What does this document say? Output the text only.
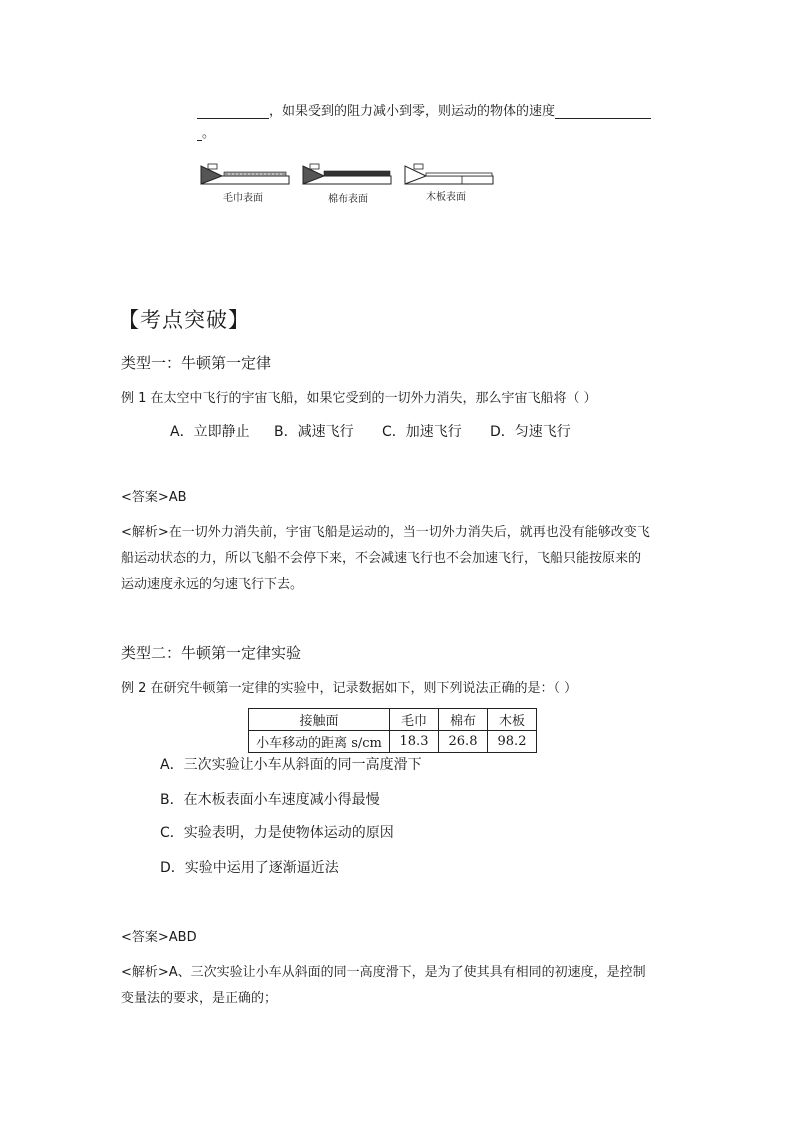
，如果受到的阻力减小到零，则运动的物体的速度
。
毛巾表面	棉布表面	木板表面
【考点突破】
类型一：牛顿第一定律
例 1 在太空中飞行的宇宙飞船，如果它受到的一切外力消失，那么宇宙飞船将（ ）
A．立即静止 B．减速飞行 C．加速飞行 D．匀速飞行
<答案>AB
<解析>在一切外力消失前，宇宙飞船是运动的，当一切外力消失后，就再也没有能够改变飞
船运动状态的力，所以飞船不会停下来，不会减速飞行也不会加速飞行，飞船只能按原来的
运动速度永远的匀速飞行下去。
类型二：牛顿第一定律实验
例 2 在研究牛顿第一定律的实验中，记录数据如下，则下列说法正确的是：（ ）
接触面	毛巾	棉布	木板
小车移动的距离 s/cm	18.3	26.8	98.2
A．三次实验让小车从斜面的同一高度滑下
B．在木板表面小车速度减小得最慢
C．实验表明，力是使物体运动的原因
D．实验中运用了逐渐逼近法
<答案>ABD
<解析>A、三次实验让小车从斜面的同一高度滑下，是为了使其具有相同的初速度，是控制
变量法的要求，是正确的；
